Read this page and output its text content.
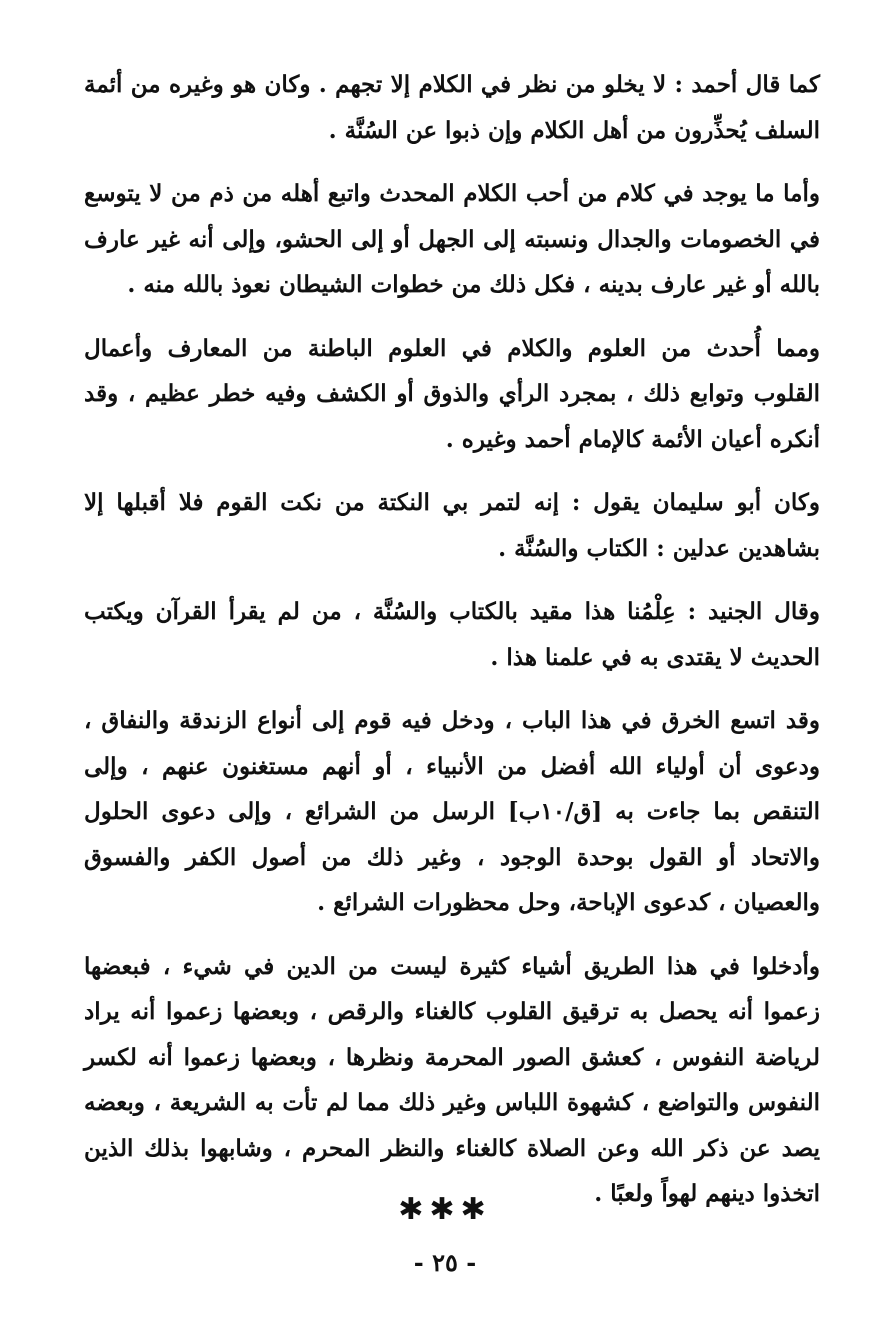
كما قال أحمد : لا يخلو من نظر في الكلام إلا تجهم . وكان هو وغيره من أئمة السلف يُحذِّرون من أهل الكلام وإن ذبوا عن السُنَّة .

وأما ما يوجد في كلام من أحب الكلام المحدث واتبع أهله من ذم من لا يتوسع في الخصومات والجدال ونسبته إلى الجهل أو إلى الحشو، وإلى أنه غير عارف بالله أو غير عارف بدينه ، فكل ذلك من خطوات الشيطان نعوذ بالله منه .

ومما أُحدث من العلوم والكلام في العلوم الباطنة من المعارف وأعمال القلوب وتوابع ذلك ، بمجرد الرأي والذوق أو الكشف وفيه خطر عظيم ، وقد أنكره أعيان الأئمة كالإمام أحمد وغيره .

وكان أبو سليمان يقول : إنه لتمر بي النكتة من نكت القوم فلا أقبلها إلا بشاهدين عدلين : الكتاب والسُنَّة .

وقال الجنيد : عِلْمُنا هذا مقيد بالكتاب والسُنَّة ، من لم يقرأ القرآن ويكتب الحديث لا يقتدى به في علمنا هذا .

وقد اتسع الخرق في هذا الباب ، ودخل فيه قوم إلى أنواع الزندقة والنفاق ، ودعوى أن أولياء الله أفضل من الأنبياء ، أو أنهم مستغنون عنهم ، وإلى التنقص بما جاءت به [ق/١٠ب] الرسل من الشرائع ، وإلى دعوى الحلول والاتحاد أو القول بوحدة الوجود ، وغير ذلك من أصول الكفر والفسوق والعصيان ، كدعوى الإباحة، وحل محظورات الشرائع .

وأدخلوا في هذا الطريق أشياء كثيرة ليست من الدين في شيء ، فبعضها زعموا أنه يحصل به ترقيق القلوب كالغناء والرقص ، وبعضها زعموا أنه يراد لرياضة النفوس ، كعشق الصور المحرمة ونظرها ، وبعضها زعموا أنه لكسر النفوس والتواضع ، كشهوة اللباس وغير ذلك مما لم تأت به الشريعة ، وبعضه يصد عن ذكر الله وعن الصلاة كالغناء والنظر المحرم ، وشابهوا بذلك الذين اتخذوا دينهم لهواً ولعبًا .

✱✱✱
- ٢٥ -
